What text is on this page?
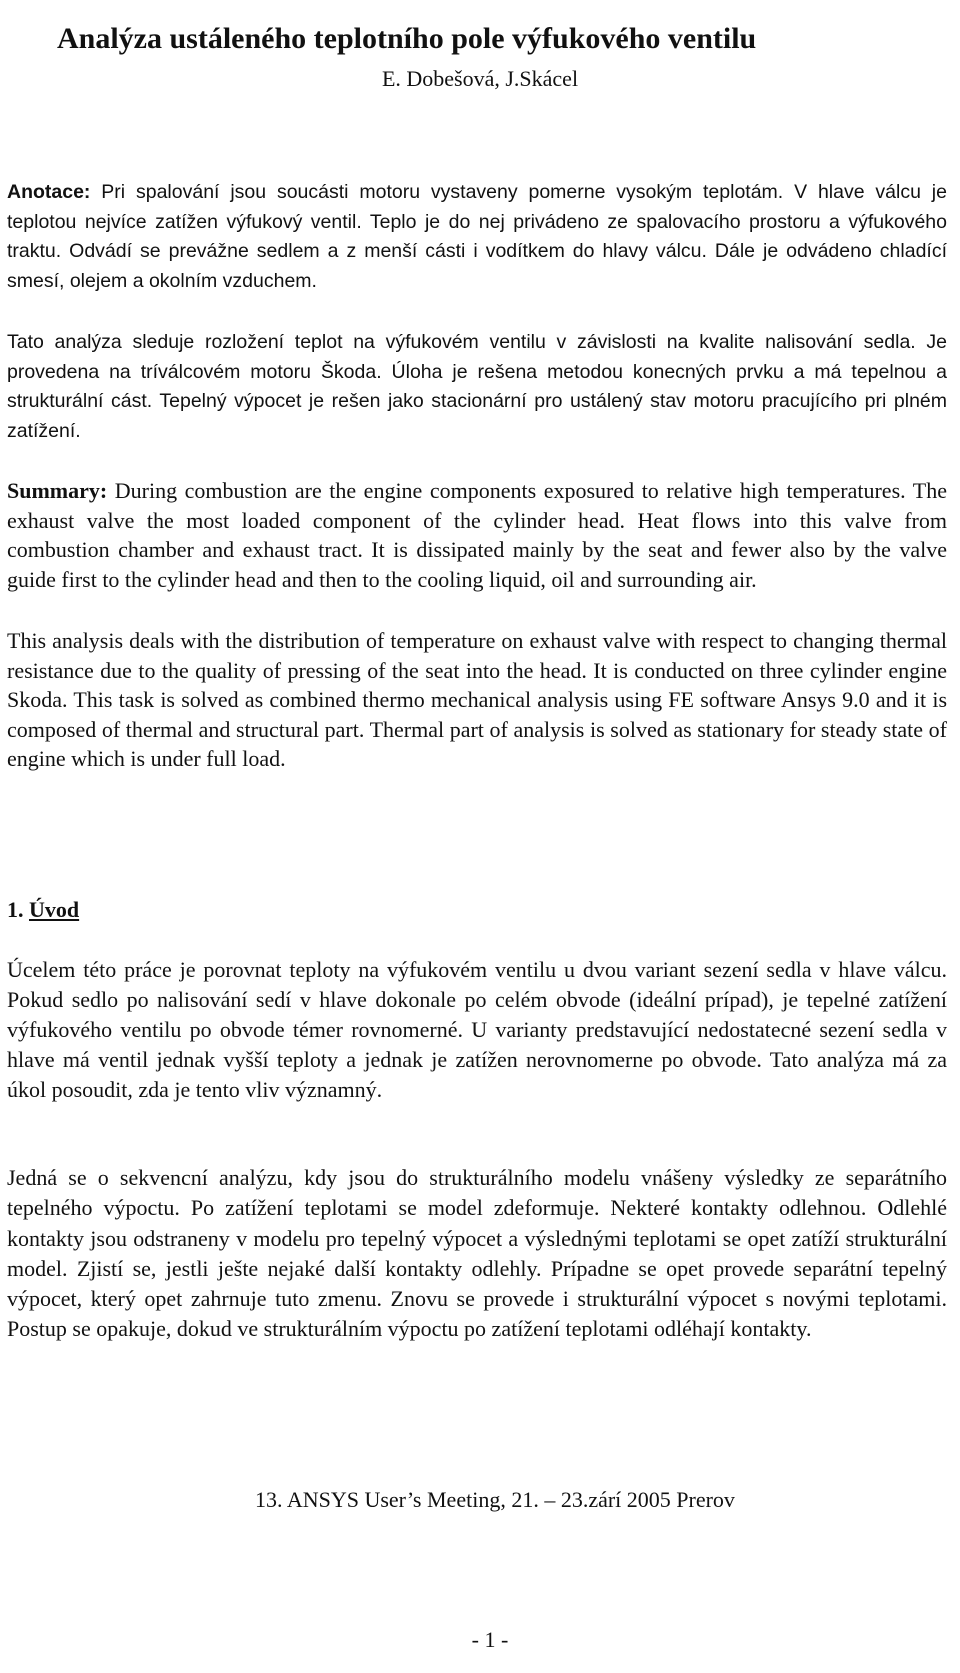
Analýza ustáleného teplotního pole výfukového ventilu
E. Dobešová, J.Skácel

Anotace: Pri spalování jsou soucásti motoru vystaveny pomerne vysokým teplotám. V hlave válcu je teplotou nejvíce zatížen výfukový ventil. Teplo je do nej privádeno ze spalovacího prostoru a výfukového traktu. Odvádí se prevážne sedlem a z menší cásti i vodítkem do hlavy válcu. Dále je odvádeno chladící smesí, olejem a okolním vzduchem.

Tato analýza sleduje rozložení teplot na výfukovém ventilu v závislosti na kvalite nalisování sedla. Je provedena na tríválcovém motoru Škoda. Úloha je rešena metodou konecných prvku a má tepelnou a strukturální cást. Tepelný výpocet je rešen jako stacionární pro ustálený stav motoru pracujícího pri plném zatížení.

Summary: During combustion are the engine components exposured to relative high temperatures. The exhaust valve the most loaded component of the cylinder head. Heat flows into this valve from combustion chamber and exhaust tract. It is dissipated mainly by the seat and fewer also by the valve guide first to the cylinder head and then to the cooling liquid, oil and surrounding air.

This analysis deals with the distribution of temperature on exhaust valve with respect to changing thermal resistance due to the quality of pressing of the seat into the head. It is conducted on three cylinder engine Skoda. This task is solved as combined thermo mechanical analysis using FE software Ansys 9.0 and it is composed of thermal and structural part. Thermal part of analysis is solved as stationary for steady state of engine which is under full load.

1. Úvod

Úcelem této práce je porovnat teploty na výfukovém ventilu u dvou variant sezení sedla v hlave válcu. Pokud sedlo po nalisování sedí v hlave dokonale po celém obvode (ideální prípad), je tepelné zatížení výfukového ventilu po obvode témer rovnomerné. U varianty predstavující nedostatecné sezení sedla v hlave má ventil jednak vyšší teploty a jednak je zatížen nerovnomerne po obvode. Tato analýza má za úkol posoudit, zda je tento vliv významný.

Jedná se o sekvencní analýzu, kdy jsou do strukturálního modelu vnášeny výsledky ze separátního tepelného výpoctu. Po zatížení teplotami se model zdeformuje. Nekteré kontakty odlehnou. Odlehlé kontakty jsou odstraneny v modelu pro tepelný výpocet a výslednými teplotami se opet zatíží strukturální model. Zjistí se, jestli ješte nejaké další kontakty odlehly. Prípadne se opet provede separátní tepelný výpocet, který opet zahrnuje tuto zmenu. Znovu se provede i strukturální výpocet s novými teplotami. Postup se opakuje, dokud ve strukturálním výpoctu po zatížení teplotami odléhají kontakty.

13. ANSYS User’s Meeting, 21. – 23.zárí 2005 Prerov
- 1 -
